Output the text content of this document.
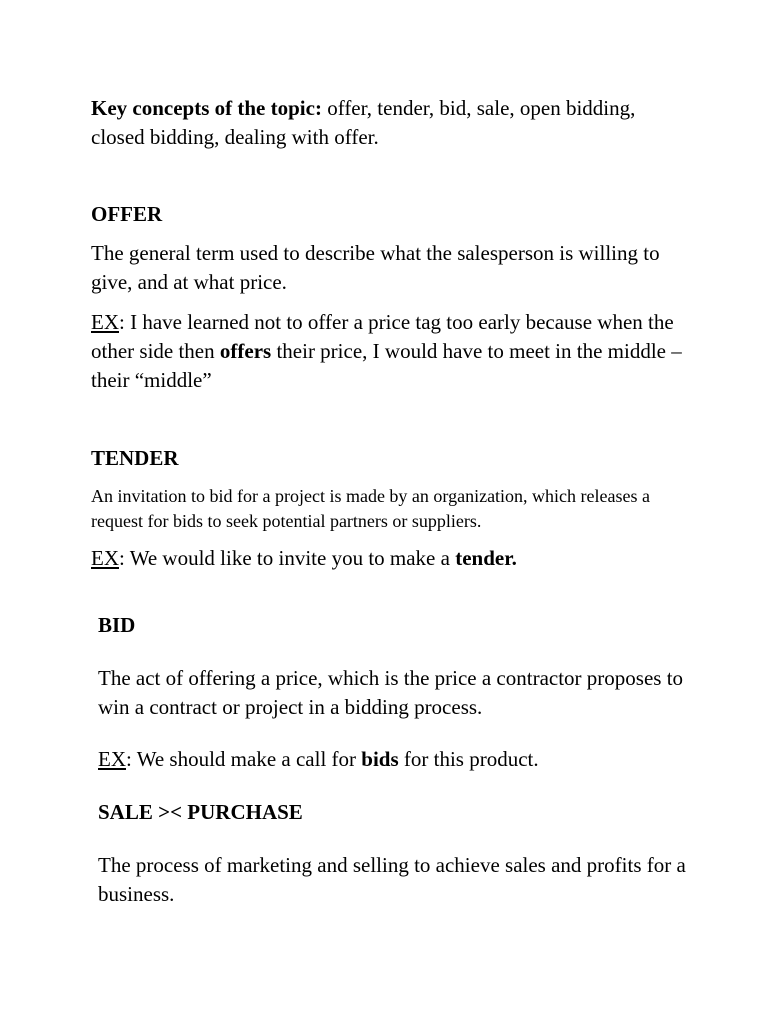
Key concepts of the topic: offer, tender, bid, sale, open bidding, closed bidding, dealing with offer.

OFFER

The general term used to describe what the salesperson is willing to give, and at what price.

EX: I have learned not to offer a price tag too early because when the other side then offers their price, I would have to meet in the middle – their “middle”

TENDER

An invitation to bid for a project is made by an organization, which releases a request for bids to seek potential partners or suppliers.

EX: We would like to invite you to make a tender.

BID

The act of offering a price, which is the price a contractor proposes to win a contract or project in a bidding process.

EX: We should make a call for bids for this product.

SALE >< PURCHASE

The process of marketing and selling to achieve sales and profits for a business.
